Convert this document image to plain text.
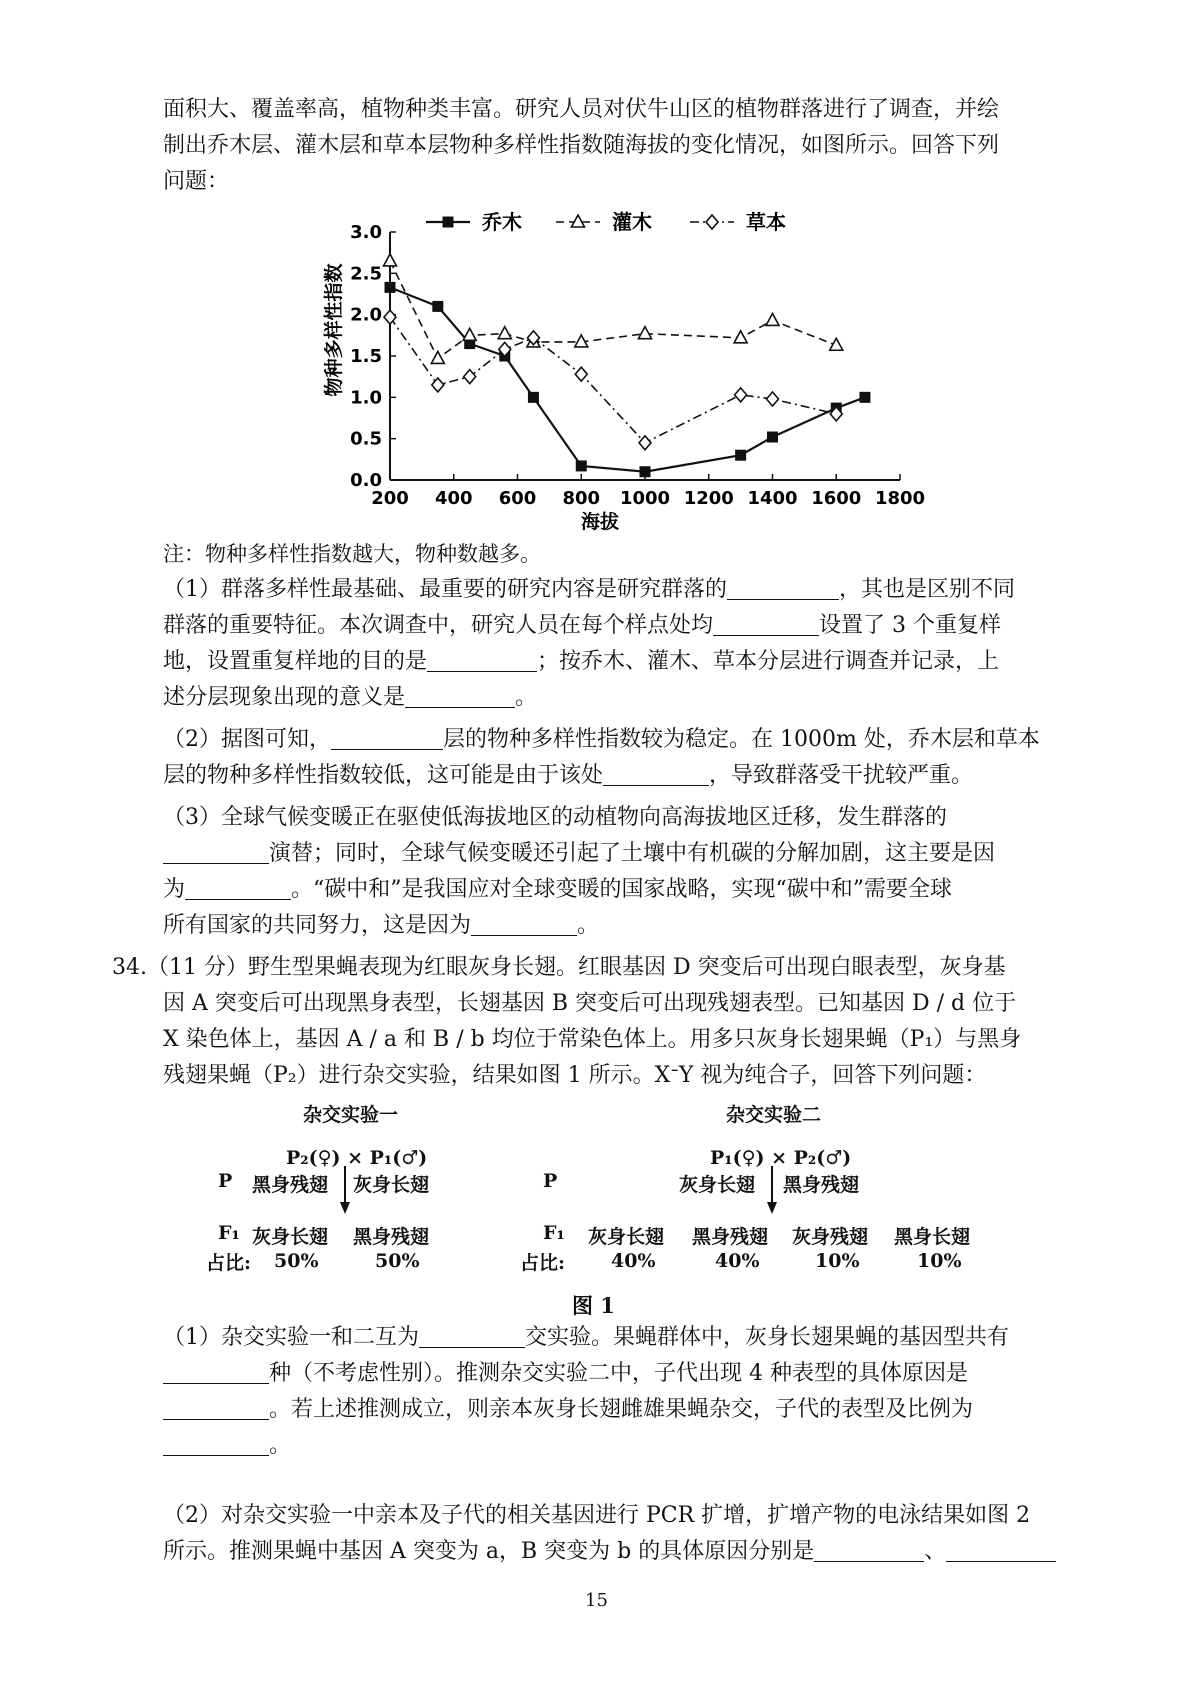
面积大、覆盖率高，植物种类丰富。研究人员对伏牛山区的植物群落进行了调查，并绘
制出乔木层、灌木层和草本层物种多样性指数随海拔的变化情况，如图所示。回答下列
问题：
乔木	灌木	草本
200 400 600 800 1000 1200 1400 1600 1800
0.0
0.5
1.0
1.5
2.0
2.5
3.0
物种多样性指数
海拔
注：物种多样性指数越大，物种数越多。
（1）群落多样性最基础、最重要的研究内容是研究群落的	，其也是区别不同
群落的重要特征。本次调查中，研究人员在每个样点处均	设置了 3 个重复样
地，设置重复样地的目的是	；按乔木、灌木、草本分层进行调查并记录，上
述分层现象出现的意义是	。
（2）据图可知，	层的物种多样性指数较为稳定。在 1000m 处，乔木层和草本
层的物种多样性指数较低，这可能是由于该处	，导致群落受干扰较严重。
（3）全球气候变暖正在驱使低海拔地区的动植物向高海拔地区迁移，发生群落的
演替；同时，全球气候变暖还引起了土壤中有机碳的分解加剧，这主要是因
为	。“碳中和”是我国应对全球变暖的国家战略，实现“碳中和”需要全球
所有国家的共同努力，这是因为	。
34.（11 分）野生型果蝇表现为红眼灰身长翅。红眼基因 D 突变后可出现白眼表型，灰身基
因 A 突变后可出现黑身表型，长翅基因 B 突变后可出现残翅表型。已知基因 D / d 位于
X 染色体上，基因 A / a 和 B / b 均位于常染色体上。用多只灰身长翅果蝇（P₁）与黑身
残翅果蝇（P₂）进行杂交实验，结果如图 1 所示。XᐨY 视为纯合子，回答下列问题：
杂交实验一
P₂(♀) × P₁(♂)
P 黑身残翅 灰身长翅
F₁ 灰身长翅 黑身残翅
占比: 50%	50%
杂交实验二
P₁(♀) × P₂(♂)
P	灰身长翅 黑身残翅
F₁ 灰身长翅 黑身残翅 灰身残翅 黑身长翅
占比: 40%	40%	10%	10%
图 1
（1）杂交实验一和二互为	交实验。果蝇群体中，灰身长翅果蝇的基因型共有
种（不考虑性别）。推测杂交实验二中，子代出现 4 种表型的具体原因是
。若上述推测成立，则亲本灰身长翅雌雄果蝇杂交，子代的表型及比例为
。
（2）对杂交实验一中亲本及子代的相关基因进行 PCR 扩增，扩增产物的电泳结果如图 2
所示。推测果蝇中基因 A 突变为 a，B 突变为 b 的具体原因分别是	、
15
